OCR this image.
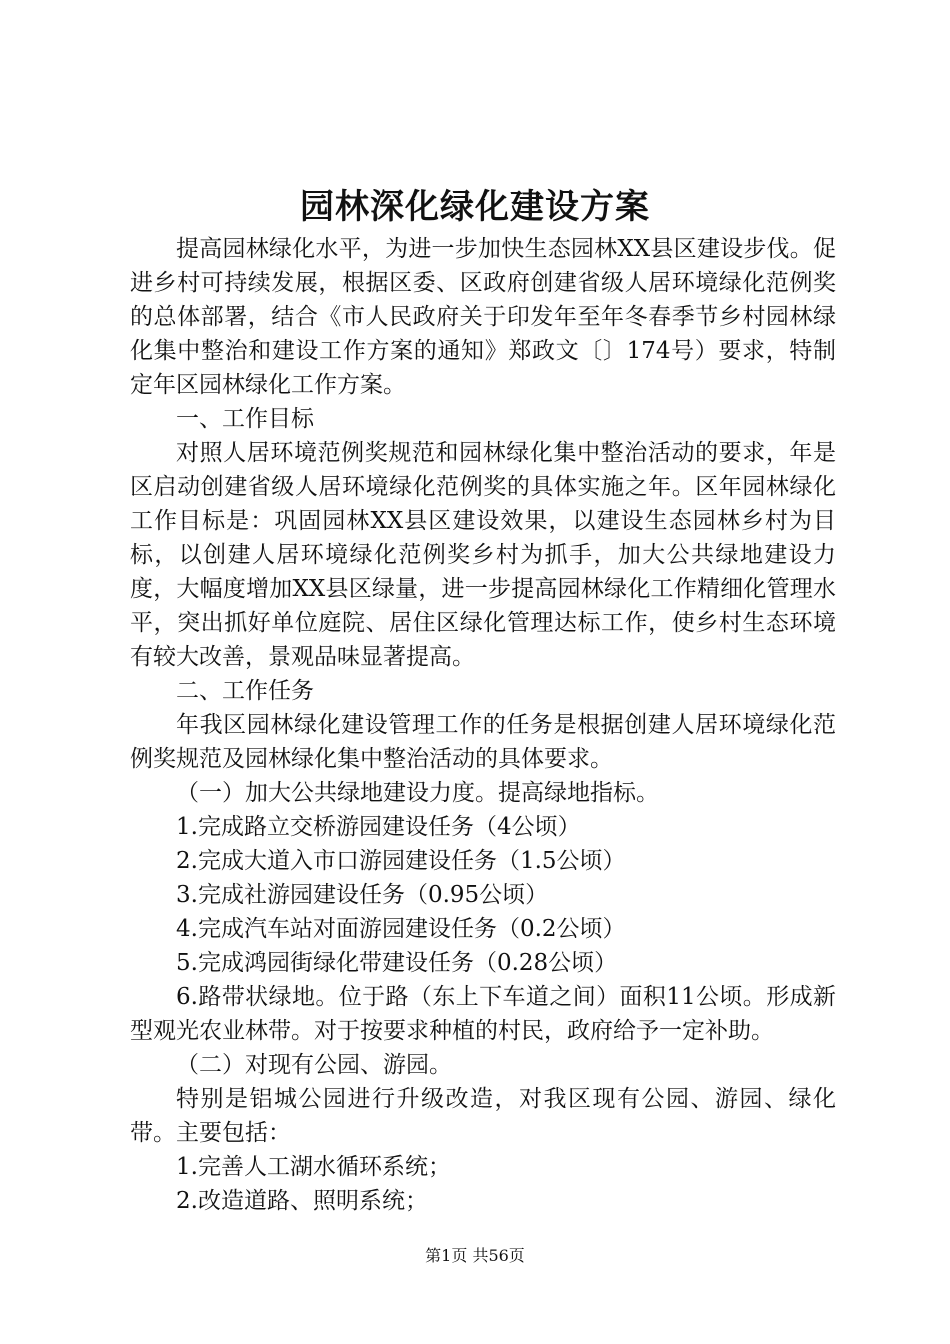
园林深化绿化建设方案

提高园林绿化水平，为进一步加快生态园林XX县区建设步伐。促进乡村可持续发展，根据区委、区政府创建省级人居环境绿化范例奖的总体部署，结合《市人民政府关于印发年至年冬春季节乡村园林绿化集中整治和建设工作方案的通知》郑政文〔〕174号）要求，特制定年区园林绿化工作方案。

一、工作目标

对照人居环境范例奖规范和园林绿化集中整治活动的要求，年是区启动创建省级人居环境绿化范例奖的具体实施之年。区年园林绿化工作目标是：巩固园林XX县区建设效果，以建设生态园林乡村为目标，以创建人居环境绿化范例奖乡村为抓手，加大公共绿地建设力度，大幅度增加XX县区绿量，进一步提高园林绿化工作精细化管理水平，突出抓好单位庭院、居住区绿化管理达标工作，使乡村生态环境有较大改善，景观品味显著提高。

二、工作任务

年我区园林绿化建设管理工作的任务是根据创建人居环境绿化范例奖规范及园林绿化集中整治活动的具体要求。

（一）加大公共绿地建设力度。提高绿地指标。

1.完成路立交桥游园建设任务（4公顷）

2.完成大道入市口游园建设任务（1.5公顷）

3.完成社游园建设任务（0.95公顷）

4.完成汽车站对面游园建设任务（0.2公顷）

5.完成鸿园街绿化带建设任务（0.28公顷）

6.路带状绿地。位于路（东上下车道之间）面积11公顷。形成新型观光农业林带。对于按要求种植的村民，政府给予一定补助。

（二）对现有公园、游园。

特别是铝城公园进行升级改造，对我区现有公园、游园、绿化带。主要包括：

1.完善人工湖水循环系统；

2.改造道路、照明系统；

第1页 共56页
